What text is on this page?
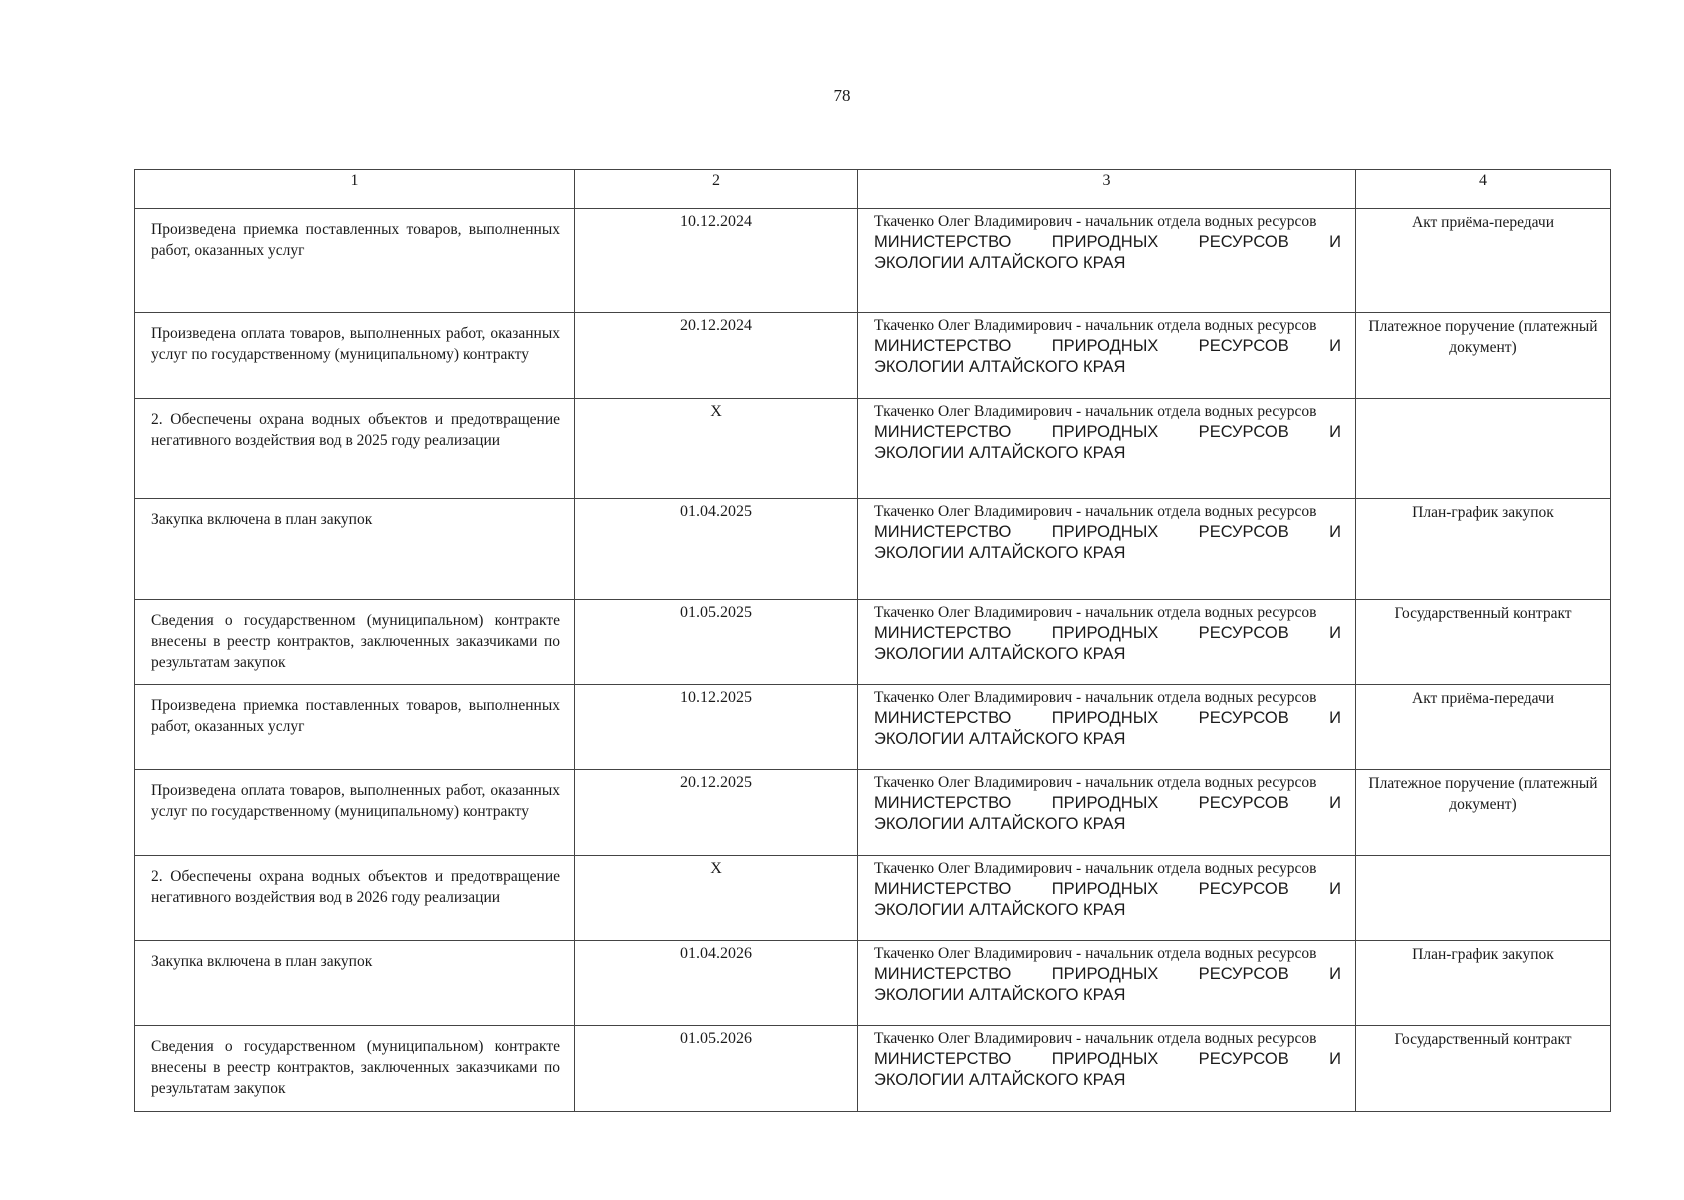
78
1	2	3	4
Произведена приемка поставленных товаров, выполненных работ, оказанных услуг	10.12.2024	Ткаченко Олег Владимирович - начальник отдела водных ресурсов
МИНИСТЕРСТВО ПРИРОДНЫХ РЕСУРСОВ И
ЭКОЛОГИИ АЛТАЙСКОГО КРАЯ	Акт приёма-передачи
Произведена оплата товаров, выполненных работ, оказанных услуг по государственному (муниципальному) контракту	20.12.2024	Ткаченко Олег Владимирович - начальник отдела водных ресурсов
МИНИСТЕРСТВО ПРИРОДНЫХ РЕСУРСОВ И
ЭКОЛОГИИ АЛТАЙСКОГО КРАЯ	Платежное поручение (платежный документ)
2. Обеспечены охрана водных объектов и предотвращение негативного воздействия вод в 2025 году реализации	X	Ткаченко Олег Владимирович - начальник отдела водных ресурсов
МИНИСТЕРСТВО ПРИРОДНЫХ РЕСУРСОВ И
ЭКОЛОГИИ АЛТАЙСКОГО КРАЯ	

Закупка включена в план закупок	01.04.2025	Ткаченко Олег Владимирович - начальник отдела водных ресурсов
МИНИСТЕРСТВО ПРИРОДНЫХ РЕСУРСОВ И
ЭКОЛОГИИ АЛТАЙСКОГО КРАЯ	План-график закупок
Сведения о государственном (муниципальном) контракте внесены в реестр контрактов, заключенных заказчиками по результатам закупок	01.05.2025	Ткаченко Олег Владимирович - начальник отдела водных ресурсов
МИНИСТЕРСТВО ПРИРОДНЫХ РЕСУРСОВ И
ЭКОЛОГИИ АЛТАЙСКОГО КРАЯ	Государственный контракт
Произведена приемка поставленных товаров, выполненных работ, оказанных услуг	10.12.2025	Ткаченко Олег Владимирович - начальник отдела водных ресурсов
МИНИСТЕРСТВО ПРИРОДНЫХ РЕСУРСОВ И
ЭКОЛОГИИ АЛТАЙСКОГО КРАЯ	Акт приёма-передачи
Произведена оплата товаров, выполненных работ, оказанных услуг по государственному (муниципальному) контракту	20.12.2025	Ткаченко Олег Владимирович - начальник отдела водных ресурсов
МИНИСТЕРСТВО ПРИРОДНЫХ РЕСУРСОВ И
ЭКОЛОГИИ АЛТАЙСКОГО КРАЯ	Платежное поручение (платежный документ)
2. Обеспечены охрана водных объектов и предотвращение негативного воздействия вод в 2026 году реализации	X	Ткаченко Олег Владимирович - начальник отдела водных ресурсов
МИНИСТЕРСТВО ПРИРОДНЫХ РЕСУРСОВ И
ЭКОЛОГИИ АЛТАЙСКОГО КРАЯ	

Закупка включена в план закупок	01.04.2026	Ткаченко Олег Владимирович - начальник отдела водных ресурсов
МИНИСТЕРСТВО ПРИРОДНЫХ РЕСУРСОВ И
ЭКОЛОГИИ АЛТАЙСКОГО КРАЯ	План-график закупок
Сведения о государственном (муниципальном) контракте внесены в реестр контрактов, заключенных заказчиками по результатам закупок	01.05.2026	Ткаченко Олег Владимирович - начальник отдела водных ресурсов
МИНИСТЕРСТВО ПРИРОДНЫХ РЕСУРСОВ И
ЭКОЛОГИИ АЛТАЙСКОГО КРАЯ	Государственный контракт
